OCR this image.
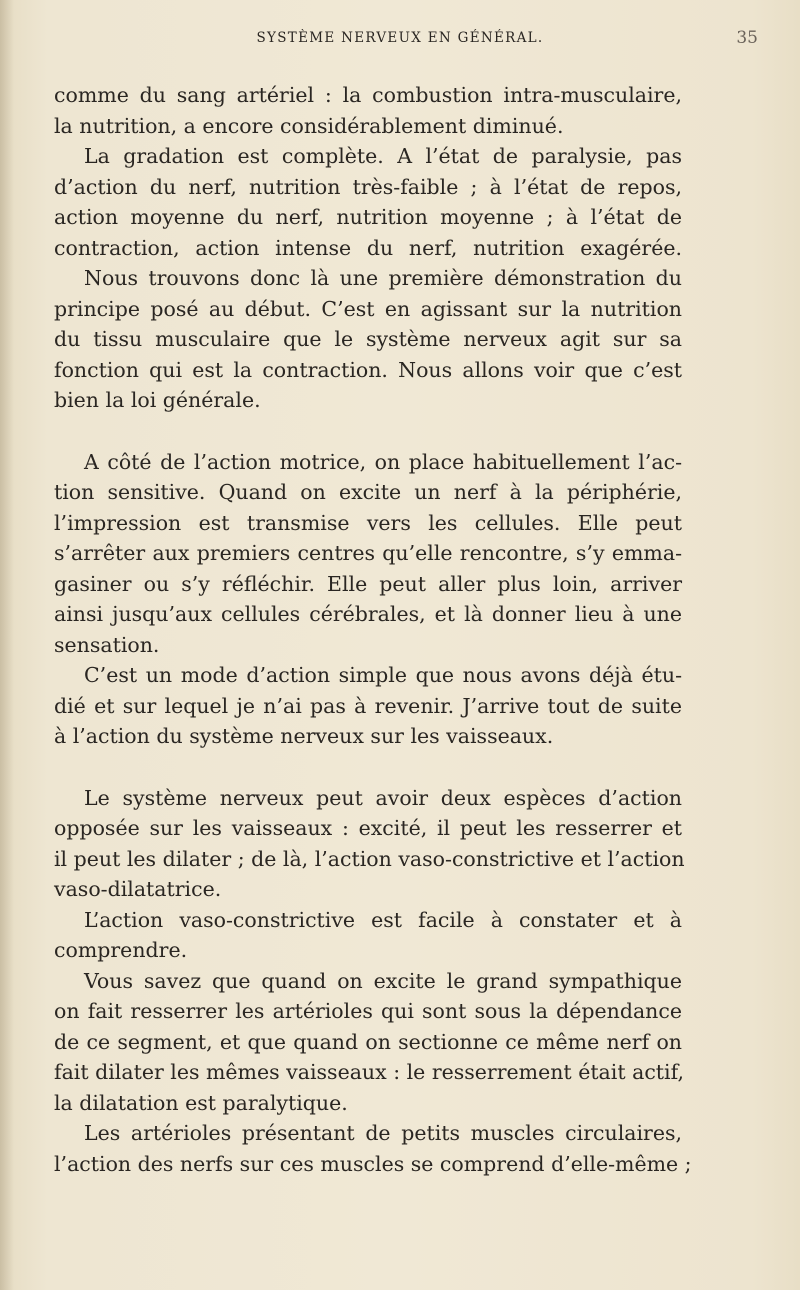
SYSTÈME NERVEUX EN GÉNÉRAL.	35

comme du sang artériel : la combustion intra-musculaire,
la nutrition, a encore considérablement diminué.

La gradation est complète. A l’état de paralysie, pas
d’action du nerf, nutrition très-faible ; à l’état de repos,
action moyenne du nerf, nutrition moyenne ; à l’état de
contraction, action intense du nerf, nutrition exagérée.

Nous trouvons donc là une première démonstration du
principe posé au début. C’est en agissant sur la nutrition
du tissu musculaire que le système nerveux agit sur sa
fonction qui est la contraction. Nous allons voir que c’est
bien la loi générale.

A côté de l’action motrice, on place habituellement l’ac-
tion sensitive. Quand on excite un nerf à la périphérie,
l’impression est transmise vers les cellules. Elle peut
s’arrêter aux premiers centres qu’elle rencontre, s’y emma-
gasiner ou s’y réfléchir. Elle peut aller plus loin, arriver
ainsi jusqu’aux cellules cérébrales, et là donner lieu à une
sensation.

C’est un mode d’action simple que nous avons déjà étu-
dié et sur lequel je n’ai pas à revenir. J’arrive tout de suite
à l’action du système nerveux sur les vaisseaux.

Le système nerveux peut avoir deux espèces d’action
opposée sur les vaisseaux : excité, il peut les resserrer et
il peut les dilater ; de là, l’action vaso-constrictive et l’action
vaso-dilatatrice.

L’action vaso-constrictive est facile à constater et à
comprendre.

Vous savez que quand on excite le grand sympathique
on fait resserrer les artérioles qui sont sous la dépendance
de ce segment, et que quand on sectionne ce même nerf on
fait dilater les mêmes vaisseaux : le resserrement était actif,
la dilatation est paralytique.

Les artérioles présentant de petits muscles circulaires,
l’action des nerfs sur ces muscles se comprend d’elle-même ;
